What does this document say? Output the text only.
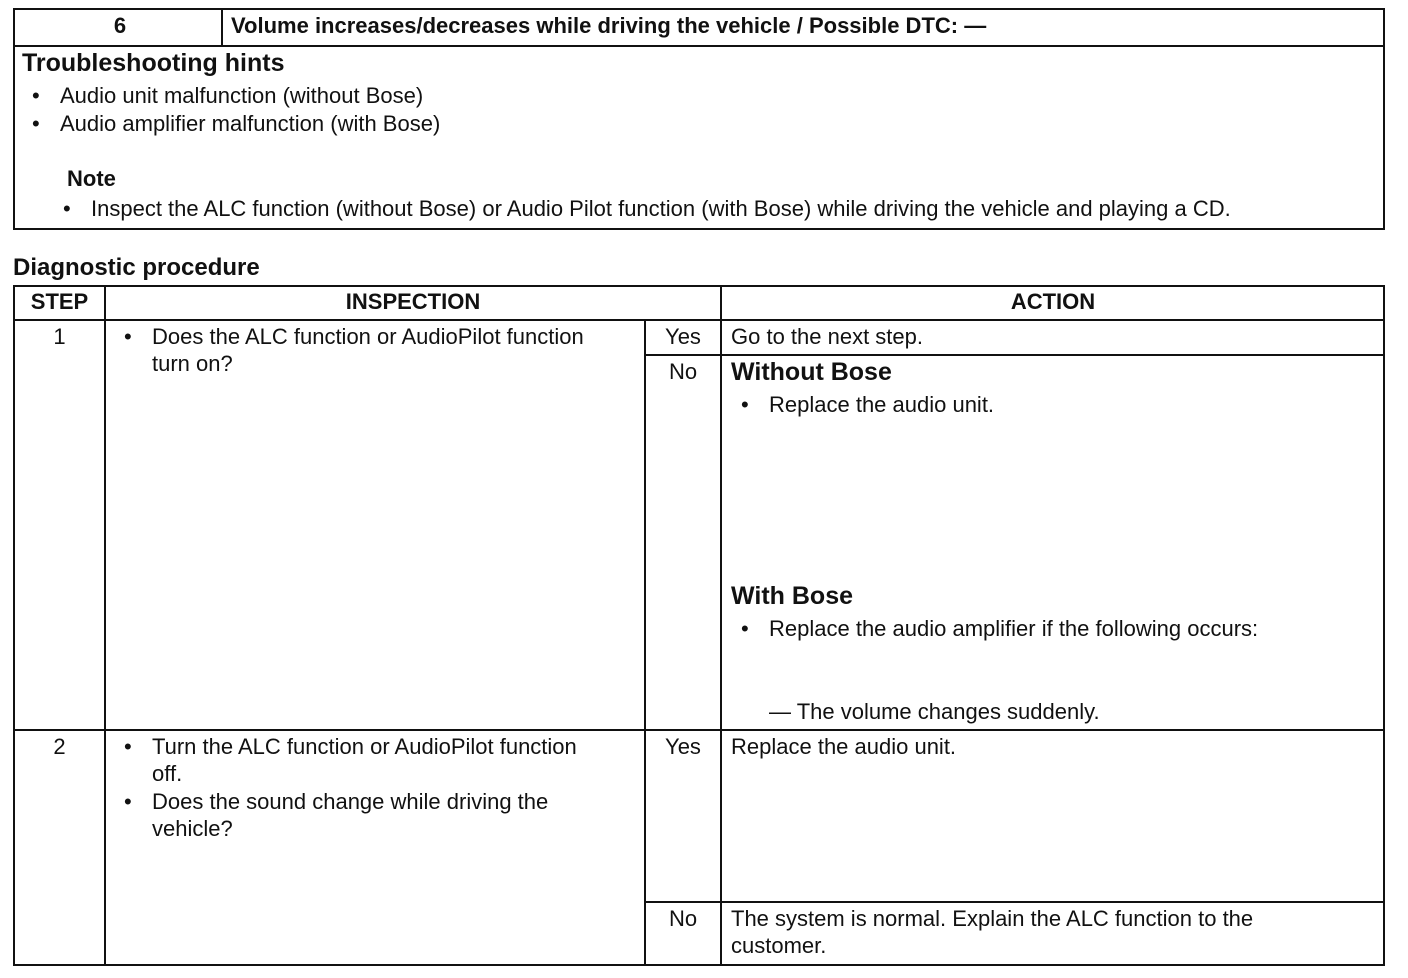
6	Volume increases/decreases while driving the vehicle / Possible DTC: —
Troubleshooting hints
• Audio unit malfunction (without Bose)
• Audio amplifier malfunction (with Bose)
Note
• Inspect the ALC function (without Bose) or Audio Pilot function (with Bose) while driving the vehicle and playing a CD.
Diagnostic procedure
STEP	INSPECTION	ACTION
1	• Does the ALC function or AudioPilot function
turn on?
Yes	Go to the next step.
No	Without Bose
• Replace the audio unit.
With Bose
• Replace the audio amplifier if the following occurs:
— The volume changes suddenly.
2	• Turn the ALC function or AudioPilot function
off.
• Does the sound change while driving the
vehicle?
Yes	Replace the audio unit.
No	The system is normal. Explain the ALC function to the
customer.
